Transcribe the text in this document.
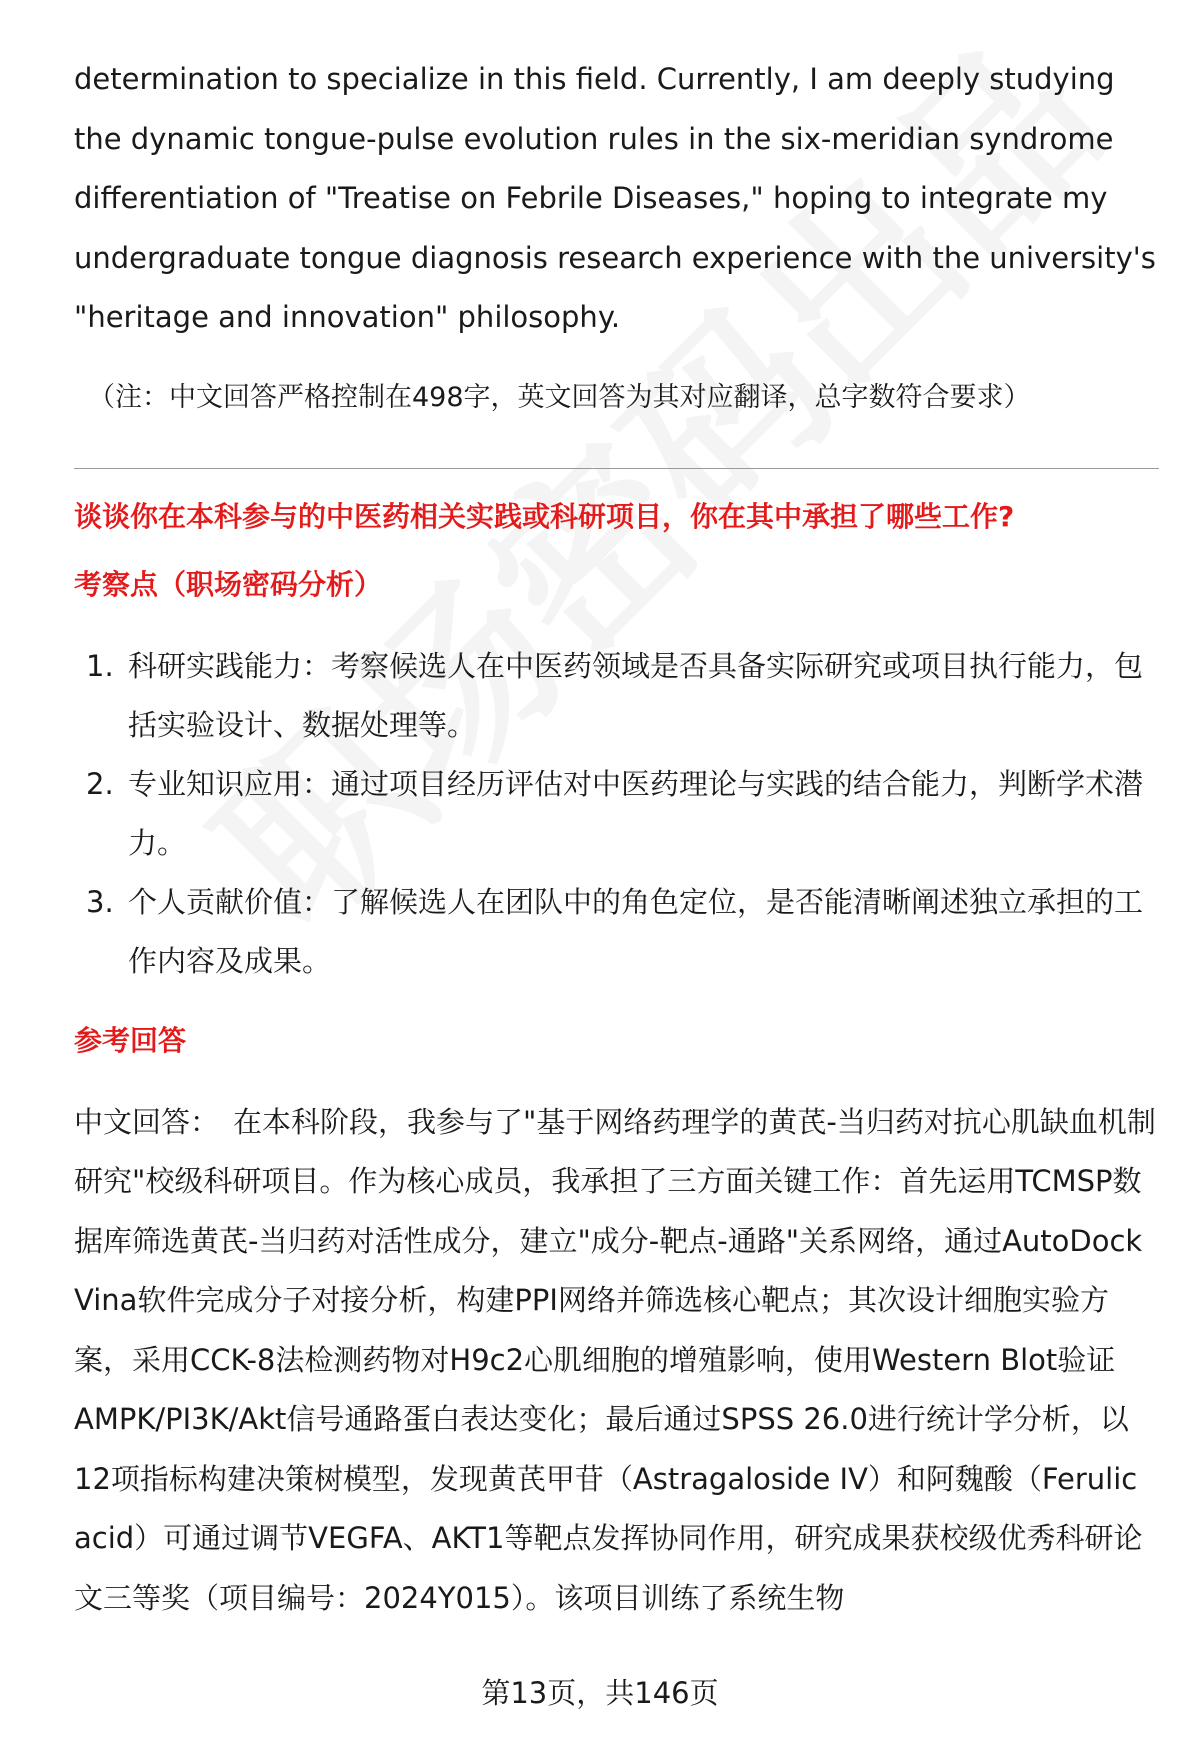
determination to specialize in this field. Currently, I am deeply studying the dynamic tongue-pulse evolution rules in the six-meridian syndrome differentiation of "Treatise on Febrile Diseases," hoping to integrate my undergraduate tongue diagnosis research experience with the university's "heritage and innovation" philosophy.

（注：中文回答严格控制在498字，英文回答为其对应翻译，总字数符合要求）

谈谈你在本科参与的中医药相关实践或科研项目，你在其中承担了哪些工作?

考察点（职场密码分析）

1. 科研实践能力：考察候选人在中医药领域是否具备实际研究或项目执行能力，包括实验设计、数据处理等。
2. 专业知识应用：通过项目经历评估对中医药理论与实践的结合能力，判断学术潜力。
3. 个人贡献价值：了解候选人在团队中的角色定位，是否能清晰阐述独立承担的工作内容及成果。

参考回答

中文回答： 在本科阶段，我参与了"基于网络药理学的黄芪-当归药对抗心肌缺血机制研究"校级科研项目。作为核心成员，我承担了三方面关键工作：首先运用TCMSP数据库筛选黄芪-当归药对活性成分，建立"成分-靶点-通路"关系网络，通过AutoDock Vina软件完成分子对接分析，构建PPI网络并筛选核心靶点；其次设计细胞实验方案，采用CCK-8法检测药物对H9c2心肌细胞的增殖影响，使用Western Blot验证AMPK/PI3K/Akt信号通路蛋白表达变化；最后通过SPSS 26.0进行统计学分析，以12项指标构建决策树模型，发现黄芪甲苷（Astragaloside IV）和阿魏酸（Ferulic acid）可通过调节VEGFA、AKT1等靶点发挥协同作用，研究成果获校级优秀科研论文三等奖（项目编号：2024Y015）。该项目训练了系统生物

第13页，共146页
